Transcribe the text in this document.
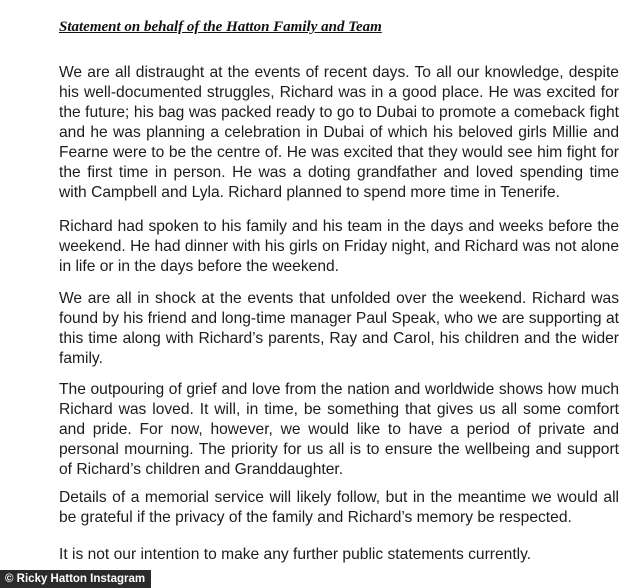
Statement on behalf of the Hatton Family and Team

We are all distraught at the events of recent days. To all our knowledge, despite his well-documented struggles, Richard was in a good place. He was excited for the future; his bag was packed ready to go to Dubai to promote a comeback fight and he was planning a celebration in Dubai of which his beloved girls Millie and Fearne were to be the centre of. He was excited that they would see him fight for the first time in person. He was a doting grandfather and loved spending time with Campbell and Lyla. Richard planned to spend more time in Tenerife.

Richard had spoken to his family and his team in the days and weeks before the weekend. He had dinner with his girls on Friday night, and Richard was not alone in life or in the days before the weekend.

We are all in shock at the events that unfolded over the weekend. Richard was found by his friend and long-time manager Paul Speak, who we are supporting at this time along with Richard’s parents, Ray and Carol, his children and the wider family.

The outpouring of grief and love from the nation and worldwide shows how much Richard was loved. It will, in time, be something that gives us all some comfort and pride. For now, however, we would like to have a period of private and personal mourning. The priority for us all is to ensure the wellbeing and support of Richard’s children and Granddaughter.

Details of a memorial service will likely follow, but in the meantime we would all be grateful if the privacy of the family and Richard’s memory be respected.

It is not our intention to make any further public statements currently.

© Ricky Hatton Instagram
